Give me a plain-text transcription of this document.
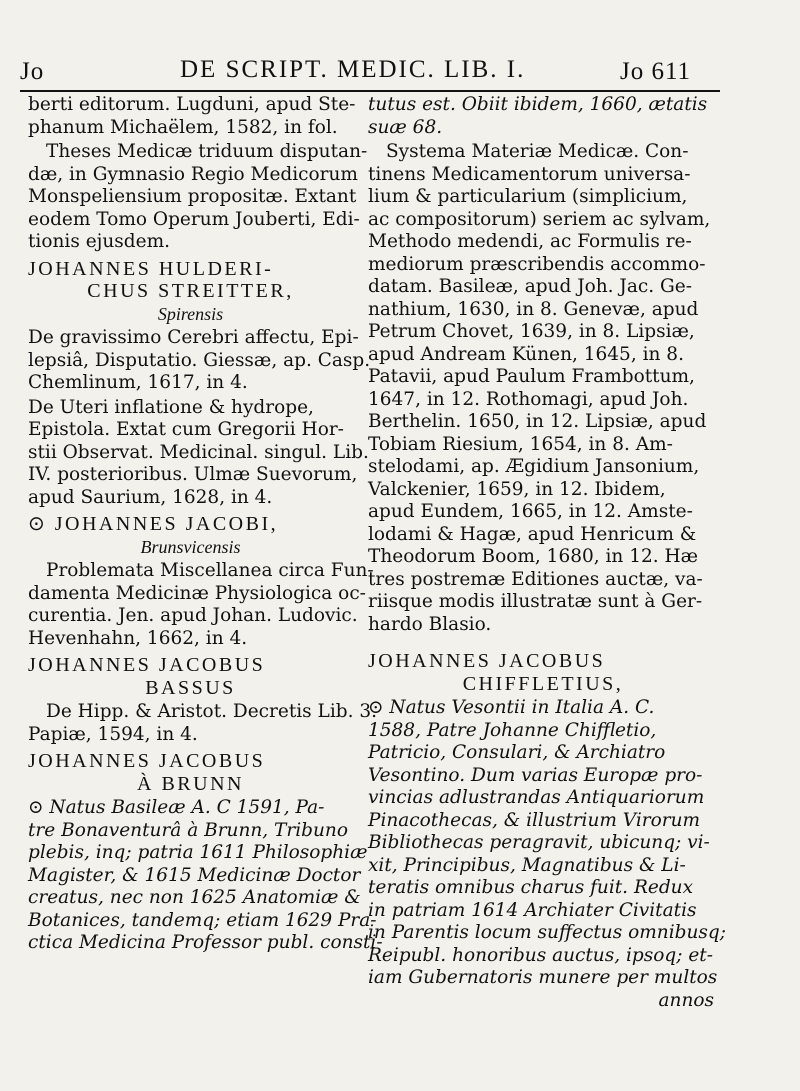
Jo	DE SCRIPT. MEDIC. LIB. I.	Jo 611
berti editorum. Lugduni, apud Ste-
phanum Michaëlem, 1582, in fol.
Theses Medicæ triduum disputan-
dæ, in Gymnasio Regio Medicorum
Monspeliensium propositæ. Extant
eodem Tomo Operum Jouberti, Edi-
tionis ejusdem.
JOHANNES HULDERI-
CHUS STREITTER,
Spirensis
De gravissimo Cerebri affectu, Epi-
lepsiâ, Disputatio. Giessæ, ap. Casp.
Chemlinum, 1617, in 4.
De Uteri inflatione & hydrope,
Epistola. Extat cum Gregorii Hor-
stii Observat. Medicinal. singul. Lib.
IV. posterioribus. Ulmæ Suevorum,
apud Saurium, 1628, in 4.
⊙ JOHANNES JACOBI,
Brunsvicensis
Problemata Miscellanea circa Fun-
damenta Medicinæ Physiologica oc-
curentia. Jen. apud Johan. Ludovic.
Hevenhahn, 1662, in 4.
JOHANNES JACOBUS
BASSUS
De Hipp. & Aristot. Decretis Lib. 3.
Papiæ, 1594, in 4.
JOHANNES JACOBUS
À BRUNN
⊙ Natus Basileæ A. C 1591, Pa-
tre Bonaventurâ à Brunn, Tribuno
plebis, inq; patria 1611 Philosophiæ
Magister, & 1615 Medicinæ Doctor
creatus, nec non 1625 Anatomiæ &
Botanices, tandemq; etiam 1629 Pra-
ctica Medicina Professor publ. consti-
tutus est. Obiit ibidem, 1660, ætatis
suæ 68.
Systema Materiæ Medicæ. Con-
tinens Medicamentorum universa-
lium & particularium (simplicium,
ac compositorum) seriem ac sylvam,
Methodo medendi, ac Formulis re-
mediorum præscribendis accommo-
datam. Basileæ, apud Joh. Jac. Ge-
nathium, 1630, in 8. Genevæ, apud
Petrum Chovet, 1639, in 8. Lipsiæ,
apud Andream Künen, 1645, in 8.
Patavii, apud Paulum Frambottum,
1647, in 12. Rothomagi, apud Joh.
Berthelin. 1650, in 12. Lipsiæ, apud
Tobiam Riesium, 1654, in 8. Am-
stelodami, ap. Ægidium Jansonium,
Valckenier, 1659, in 12. Ibidem,
apud Eundem, 1665, in 12. Amste-
lodami & Hagæ, apud Henricum &
Theodorum Boom, 1680, in 12. Hæ
tres postremæ Editiones auctæ, va-
riisque modis illustratæ sunt à Ger-
hardo Blasio.
JOHANNES JACOBUS
CHIFFLETIUS,
⊙ Natus Vesontii in Italia A. C.
1588, Patre Johanne Chiffletio,
Patricio, Consulari, & Archiatro
Vesontino. Dum varias Europæ pro-
vincias adlustrandas Antiquariorum
Pinacothecas, & illustrium Virorum
Bibliothecas peragravit, ubicunq; vi-
xit, Principibus, Magnatibus & Li-
teratis omnibus charus fuit. Redux
in patriam 1614 Archiater Civitatis
in Parentis locum suffectus omnibusq;
Reipubl. honoribus auctus, ipsoq; et-
iam Gubernatoris munere per multos
annos
